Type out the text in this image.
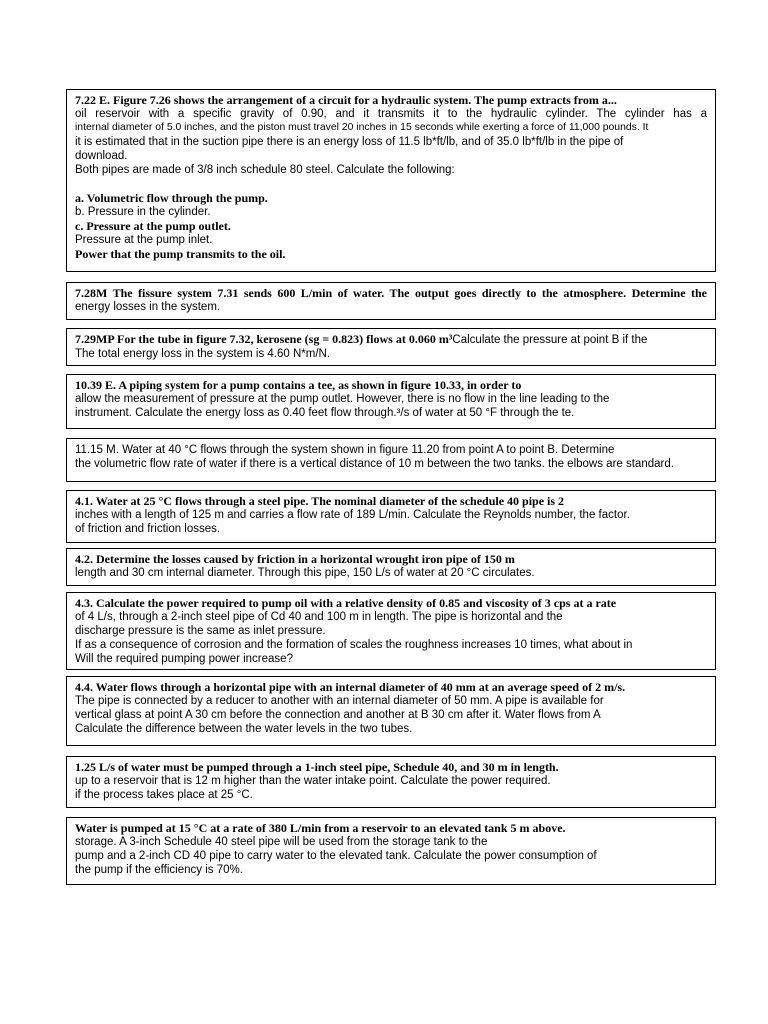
7.22 E. Figure 7.26 shows the arrangement of a circuit for a hydraulic system. The pump extracts from a...
oil reservoir with a specific gravity of 0.90, and it transmits it to the hydraulic cylinder. The cylinder has a
internal diameter of 5.0 inches, and the piston must travel 20 inches in 15 seconds while exerting a force of 11,000 pounds. It
it is estimated that in the suction pipe there is an energy loss of 11.5 lb*ft/lb, and of 35.0 lb*ft/lb in the pipe of
download.
Both pipes are made of 3/8 inch schedule 80 steel. Calculate the following:
a. Volumetric flow through the pump.
b. Pressure in the cylinder.
c. Pressure at the pump outlet.
Pressure at the pump inlet.
Power that the pump transmits to the oil.
7.28M The fissure system 7.31 sends 600 L/min of water. The output goes directly to the atmosphere. Determine the
energy losses in the system.
7.29MP For the tube in figure 7.32, kerosene (sg = 0.823) flows at 0.060 m³Calculate the pressure at point B if the
The total energy loss in the system is 4.60 N*m/N.
10.39 E. A piping system for a pump contains a tee, as shown in figure 10.33, in order to
allow the measurement of pressure at the pump outlet. However, there is no flow in the line leading to the
instrument. Calculate the energy loss as 0.40 feet flow through.³/s of water at 50 °F through the te.
11.15 M. Water at 40 °C flows through the system shown in figure 11.20 from point A to point B. Determine
the volumetric flow rate of water if there is a vertical distance of 10 m between the two tanks. the elbows are standard.
4.1. Water at 25 °C flows through a steel pipe. The nominal diameter of the schedule 40 pipe is 2
inches with a length of 125 m and carries a flow rate of 189 L/min. Calculate the Reynolds number, the factor.
of friction and friction losses.
4.2. Determine the losses caused by friction in a horizontal wrought iron pipe of 150 m
length and 30 cm internal diameter. Through this pipe, 150 L/s of water at 20 °C circulates.
4.3. Calculate the power required to pump oil with a relative density of 0.85 and viscosity of 3 cps at a rate
of 4 L/s, through a 2-inch steel pipe of Cd 40 and 100 m in length. The pipe is horizontal and the
discharge pressure is the same as inlet pressure.
If as a consequence of corrosion and the formation of scales the roughness increases 10 times, what about in
Will the required pumping power increase?
4.4. Water flows through a horizontal pipe with an internal diameter of 40 mm at an average speed of 2 m/s.
The pipe is connected by a reducer to another with an internal diameter of 50 mm. A pipe is available for
vertical glass at point A 30 cm before the connection and another at B 30 cm after it. Water flows from A
Calculate the difference between the water levels in the two tubes.
1.25 L/s of water must be pumped through a 1-inch steel pipe, Schedule 40, and 30 m in length.
up to a reservoir that is 12 m higher than the water intake point. Calculate the power required.
if the process takes place at 25 °C.
Water is pumped at 15 °C at a rate of 380 L/min from a reservoir to an elevated tank 5 m above.
storage. A 3-inch Schedule 40 steel pipe will be used from the storage tank to the
pump and a 2-inch CD 40 pipe to carry water to the elevated tank. Calculate the power consumption of
the pump if the efficiency is 70%.
